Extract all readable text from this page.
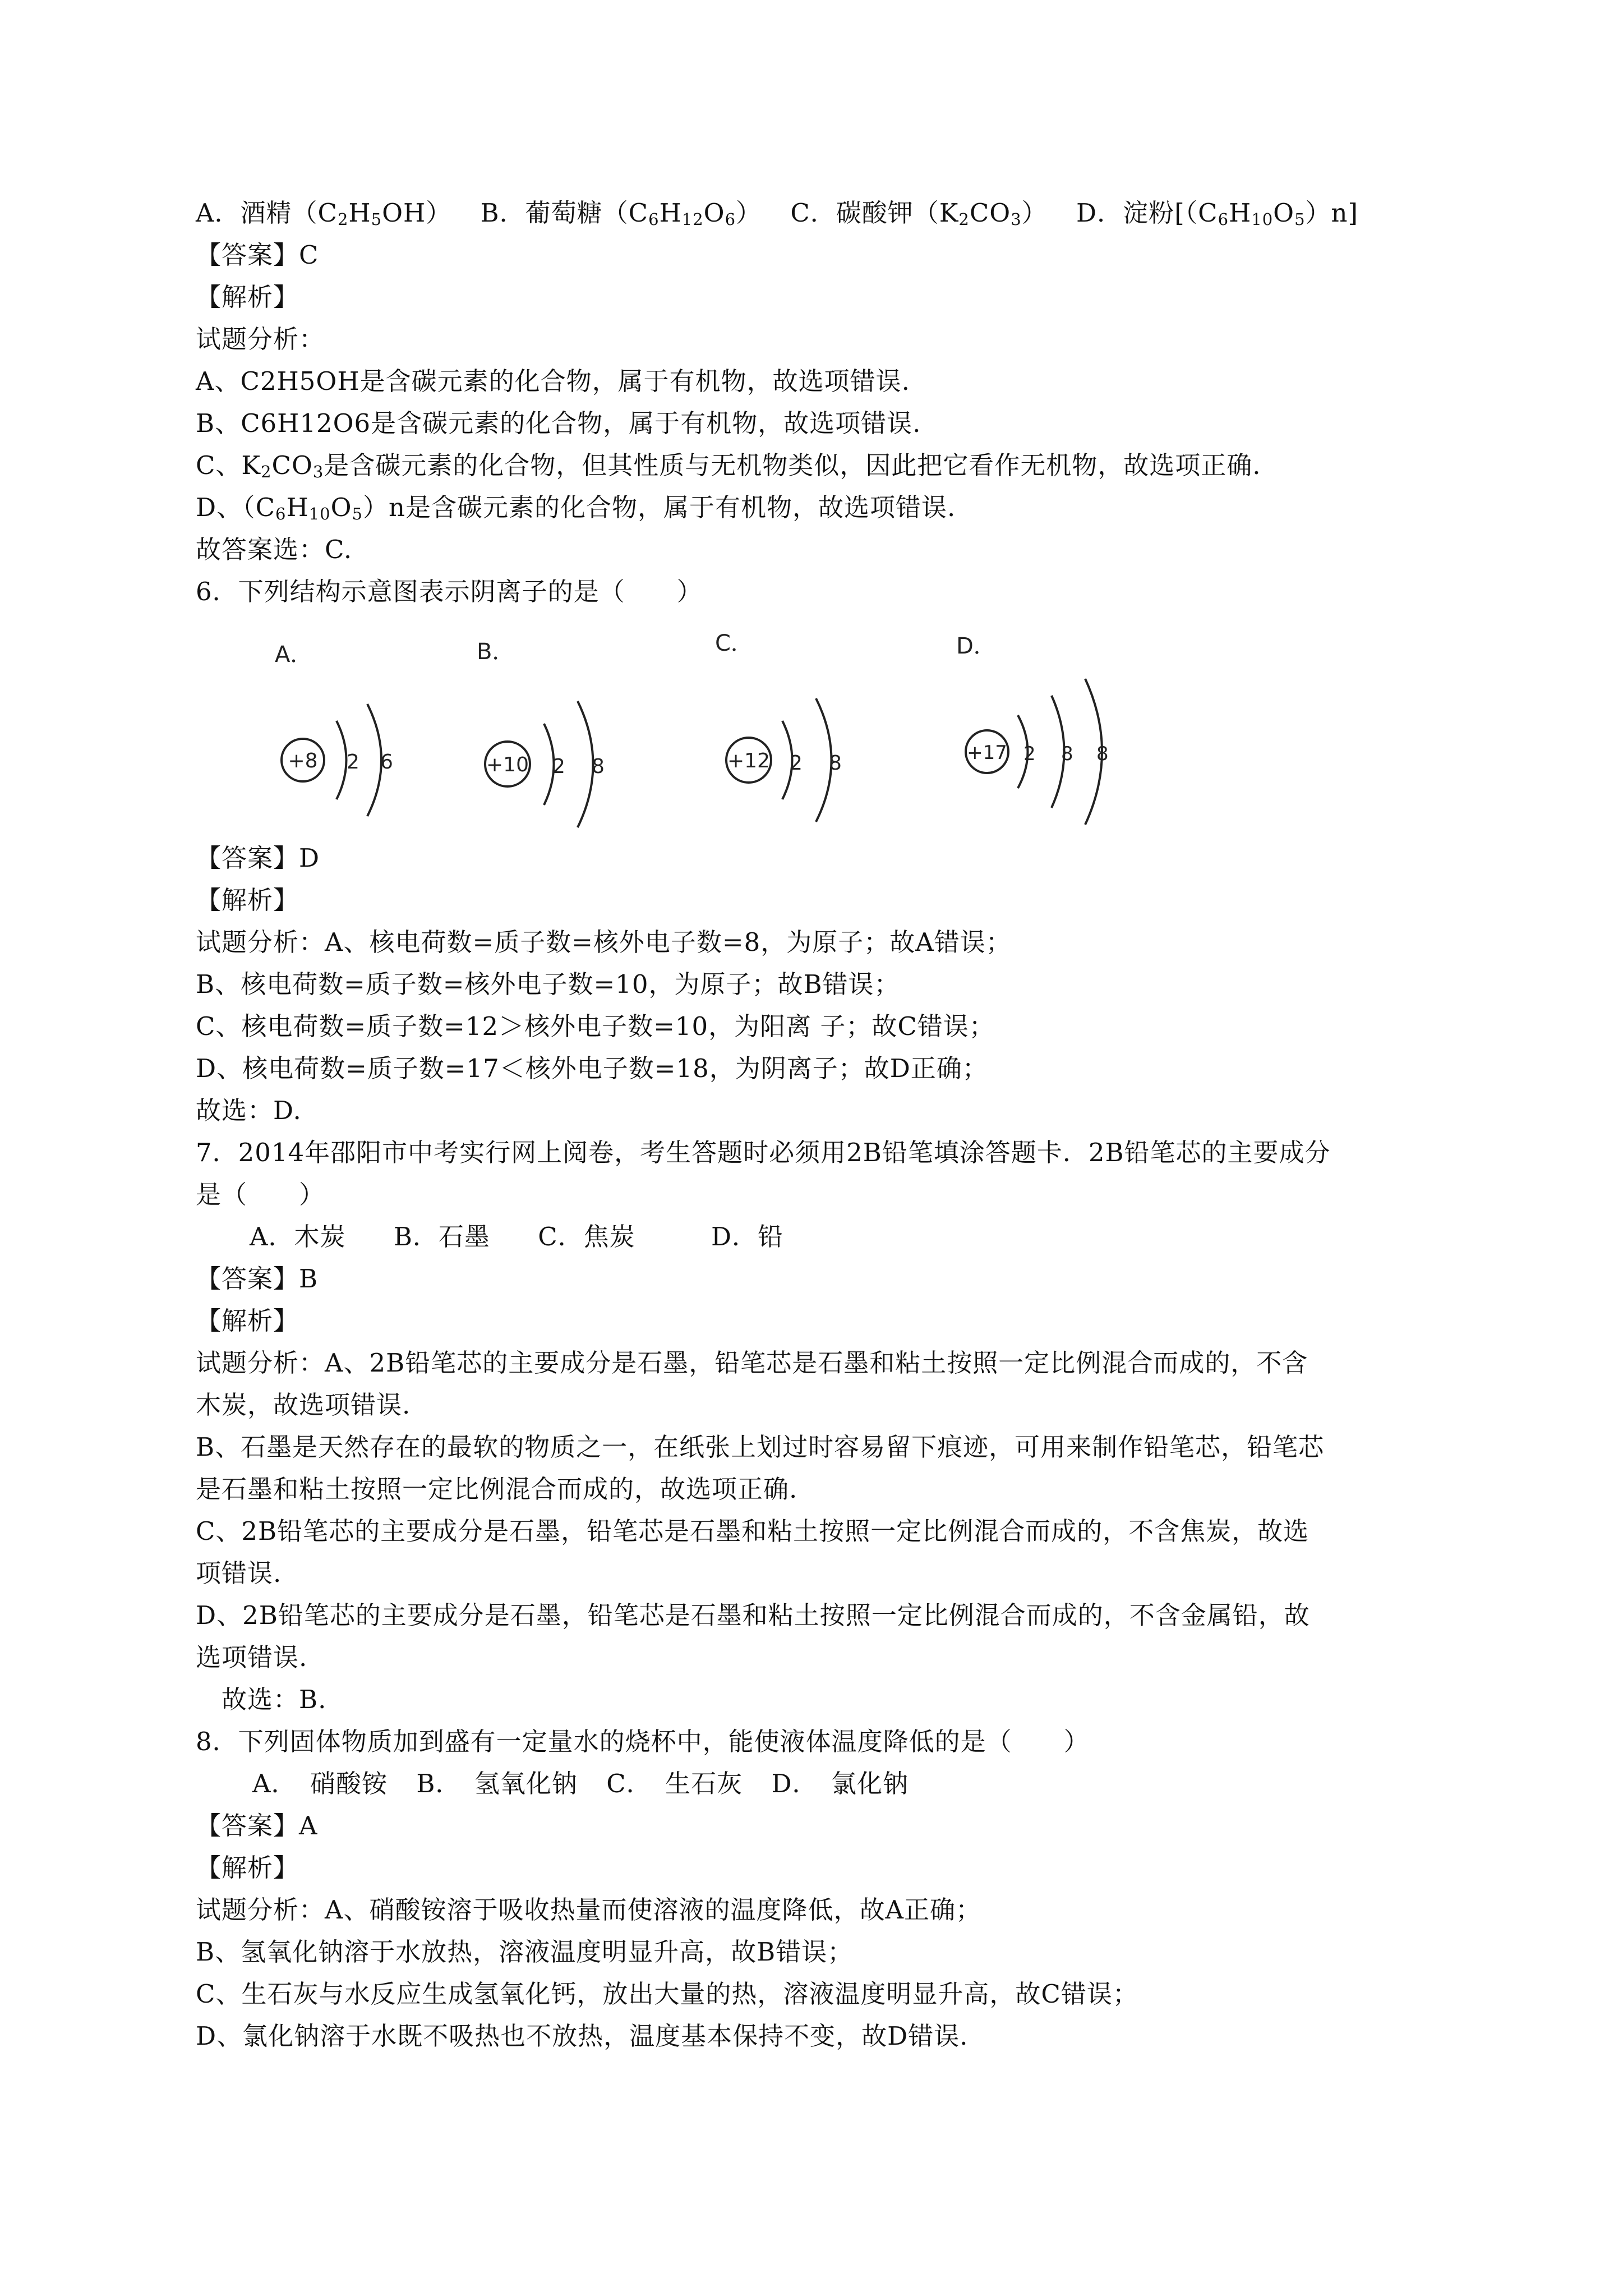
A．酒精$(C_2H_5OH)$ B．葡萄糖$(C_6H_{12}O_6)$ C．碳酸钾$(K_2CO_3)$ D．淀粉$[(C_6H_{10}O_5)n]$
【答案】C
【解析】
试题分析：
A、C2H5OH是含碳元素的化合物，属于有机物，故选项错误.
B、C6H12O6是含碳元素的化合物，属于有机物，故选项错误.
C、$K_2CO_3$是含碳元素的化合物，但其性质与无机物类似，因此把它看作无机物，故选项正确.
D、$(C_6H_{10}O_5)n$是含碳元素的化合物，属于有机物，故选项错误.
故答案选：C.
6．下列结构示意图表示阴离子的是（　　）
A．
+8 2 6
B．
+10 2 8
C．
+12 2 8
D．
+17 2 8 8
【答案】D
【解析】
试题分析：A、核电荷数=质子数=核外电子数=8，为原子；故A错误；
B、核电荷数=质子数=核外电子数=10，为原子；故B错误；
C、核电荷数=质子数=12＞核外电子数=10，为阳离 子；故C错误；
D、核电荷数=质子数=17＜核外电子数=18，为阴离子；故D正确；
故选：D.
7．2014年邵阳市中考实行网上阅卷，考生答题时必须用2B铅笔填涂答题卡．2B铅笔芯的主要成分
是（　　）
A．木炭 B．石墨 C．焦炭	D．铅
【答案】B
【解析】
试题分析：A、2B铅笔芯的主要成分是石墨，铅笔芯是石墨和粘土按照一定比例混合而成的，不含
木炭，故选项错误.
B、石墨是天然存在的最软的物质之一，在纸张上划过时容易留下痕迹，可用来制作铅笔芯，铅笔芯
是石墨和粘土按照一定比例混合而成的，故选项正确.
C、2B铅笔芯的主要成分是石墨，铅笔芯是石墨和粘土按照一定比例混合而成的，不含焦炭，故选
项错误.
D、2B铅笔芯的主要成分是石墨，铅笔芯是石墨和粘土按照一定比例混合而成的，不含金属铅，故
选项错误.
故选：B.
8．下列固体物质加到盛有一定量水的烧杯中，能使液体温度降低的是（　　）
A．　硝酸铵 B．　氢氧化钠 C．　生石灰 D．　氯化钠
【答案】A
【解析】
试题分析：A、硝酸铵溶于吸收热量而使溶液的温度降低，故A正确；
B、氢氧化钠溶于水放热，溶液温度明显升高，故B错误；
C、生石灰与水反应生成氢氧化钙，放出大量的热，溶液温度明显升高，故C错误；
D、氯化钠溶于水既不吸热也不放热，温度基本保持不变，故D错误.
